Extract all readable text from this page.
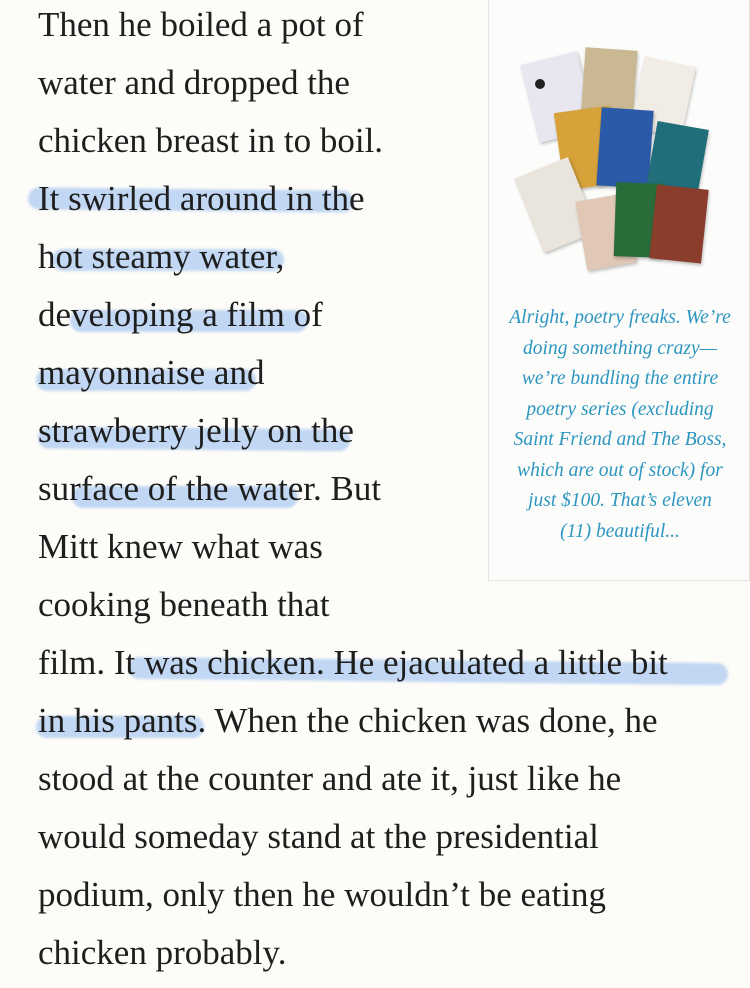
Then he boiled a pot of
water and dropped the
chicken breast in to boil.
It swirled around in the
hot steamy water,
developing a film of
mayonnaise and
strawberry jelly on the
surface of the water. But
Mitt knew what was
cooking beneath that
film. It was chicken. He ejaculated a little bit
in his pants. When the chicken was done, he
stood at the counter and ate it, just like he
would someday stand at the presidential
podium, only then he wouldn’t be eating
chicken probably.
Alright, poetry freaks. We’re
doing something crazy—
we’re bundling the entire
poetry series (excluding
Saint Friend and The Boss,
which are out of stock) for
just $100. That’s eleven
(11) beautiful...
